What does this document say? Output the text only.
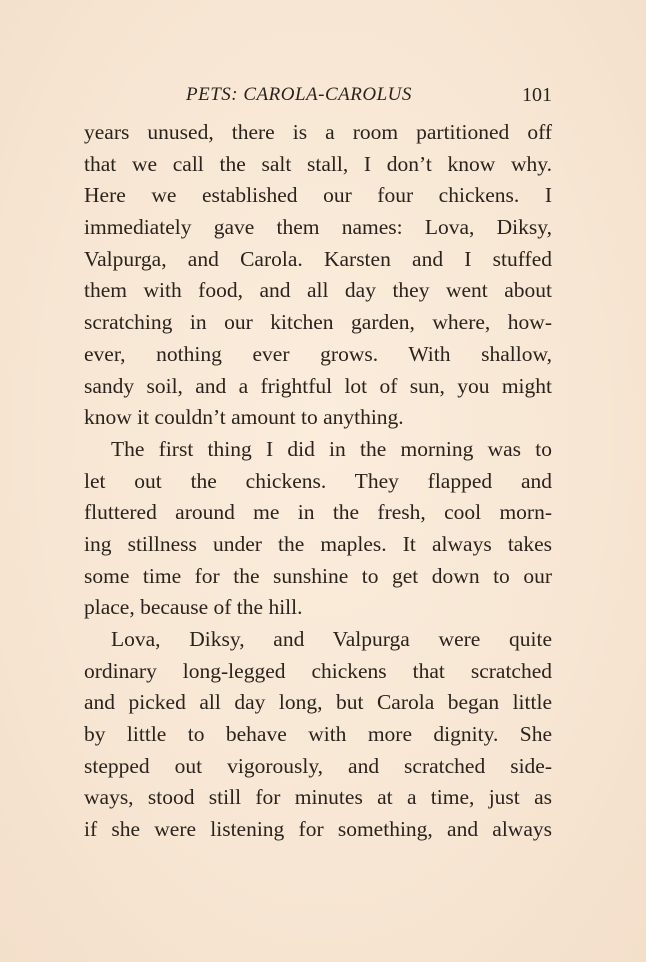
PETS: CAROLA-CAROLUS	101
years unused, there is a room partitioned off
that we call the salt stall, I don’t know why.
Here we established our four chickens. I
immediately gave them names: Lova, Diksy,
Valpurga, and Carola. Karsten and I stuffed
them with food, and all day they went about
scratching in our kitchen garden, where, how-
ever, nothing ever grows. With shallow,
sandy soil, and a frightful lot of sun, you might
know it couldn’t amount to anything.
The first thing I did in the morning was to
let out the chickens. They flapped and
fluttered around me in the fresh, cool morn-
ing stillness under the maples. It always takes
some time for the sunshine to get down to our
place, because of the hill.
Lova, Diksy, and Valpurga were quite
ordinary long-legged chickens that scratched
and picked all day long, but Carola began little
by little to behave with more dignity. She
stepped out vigorously, and scratched side-
ways, stood still for minutes at a time, just as
if she were listening for something, and always
